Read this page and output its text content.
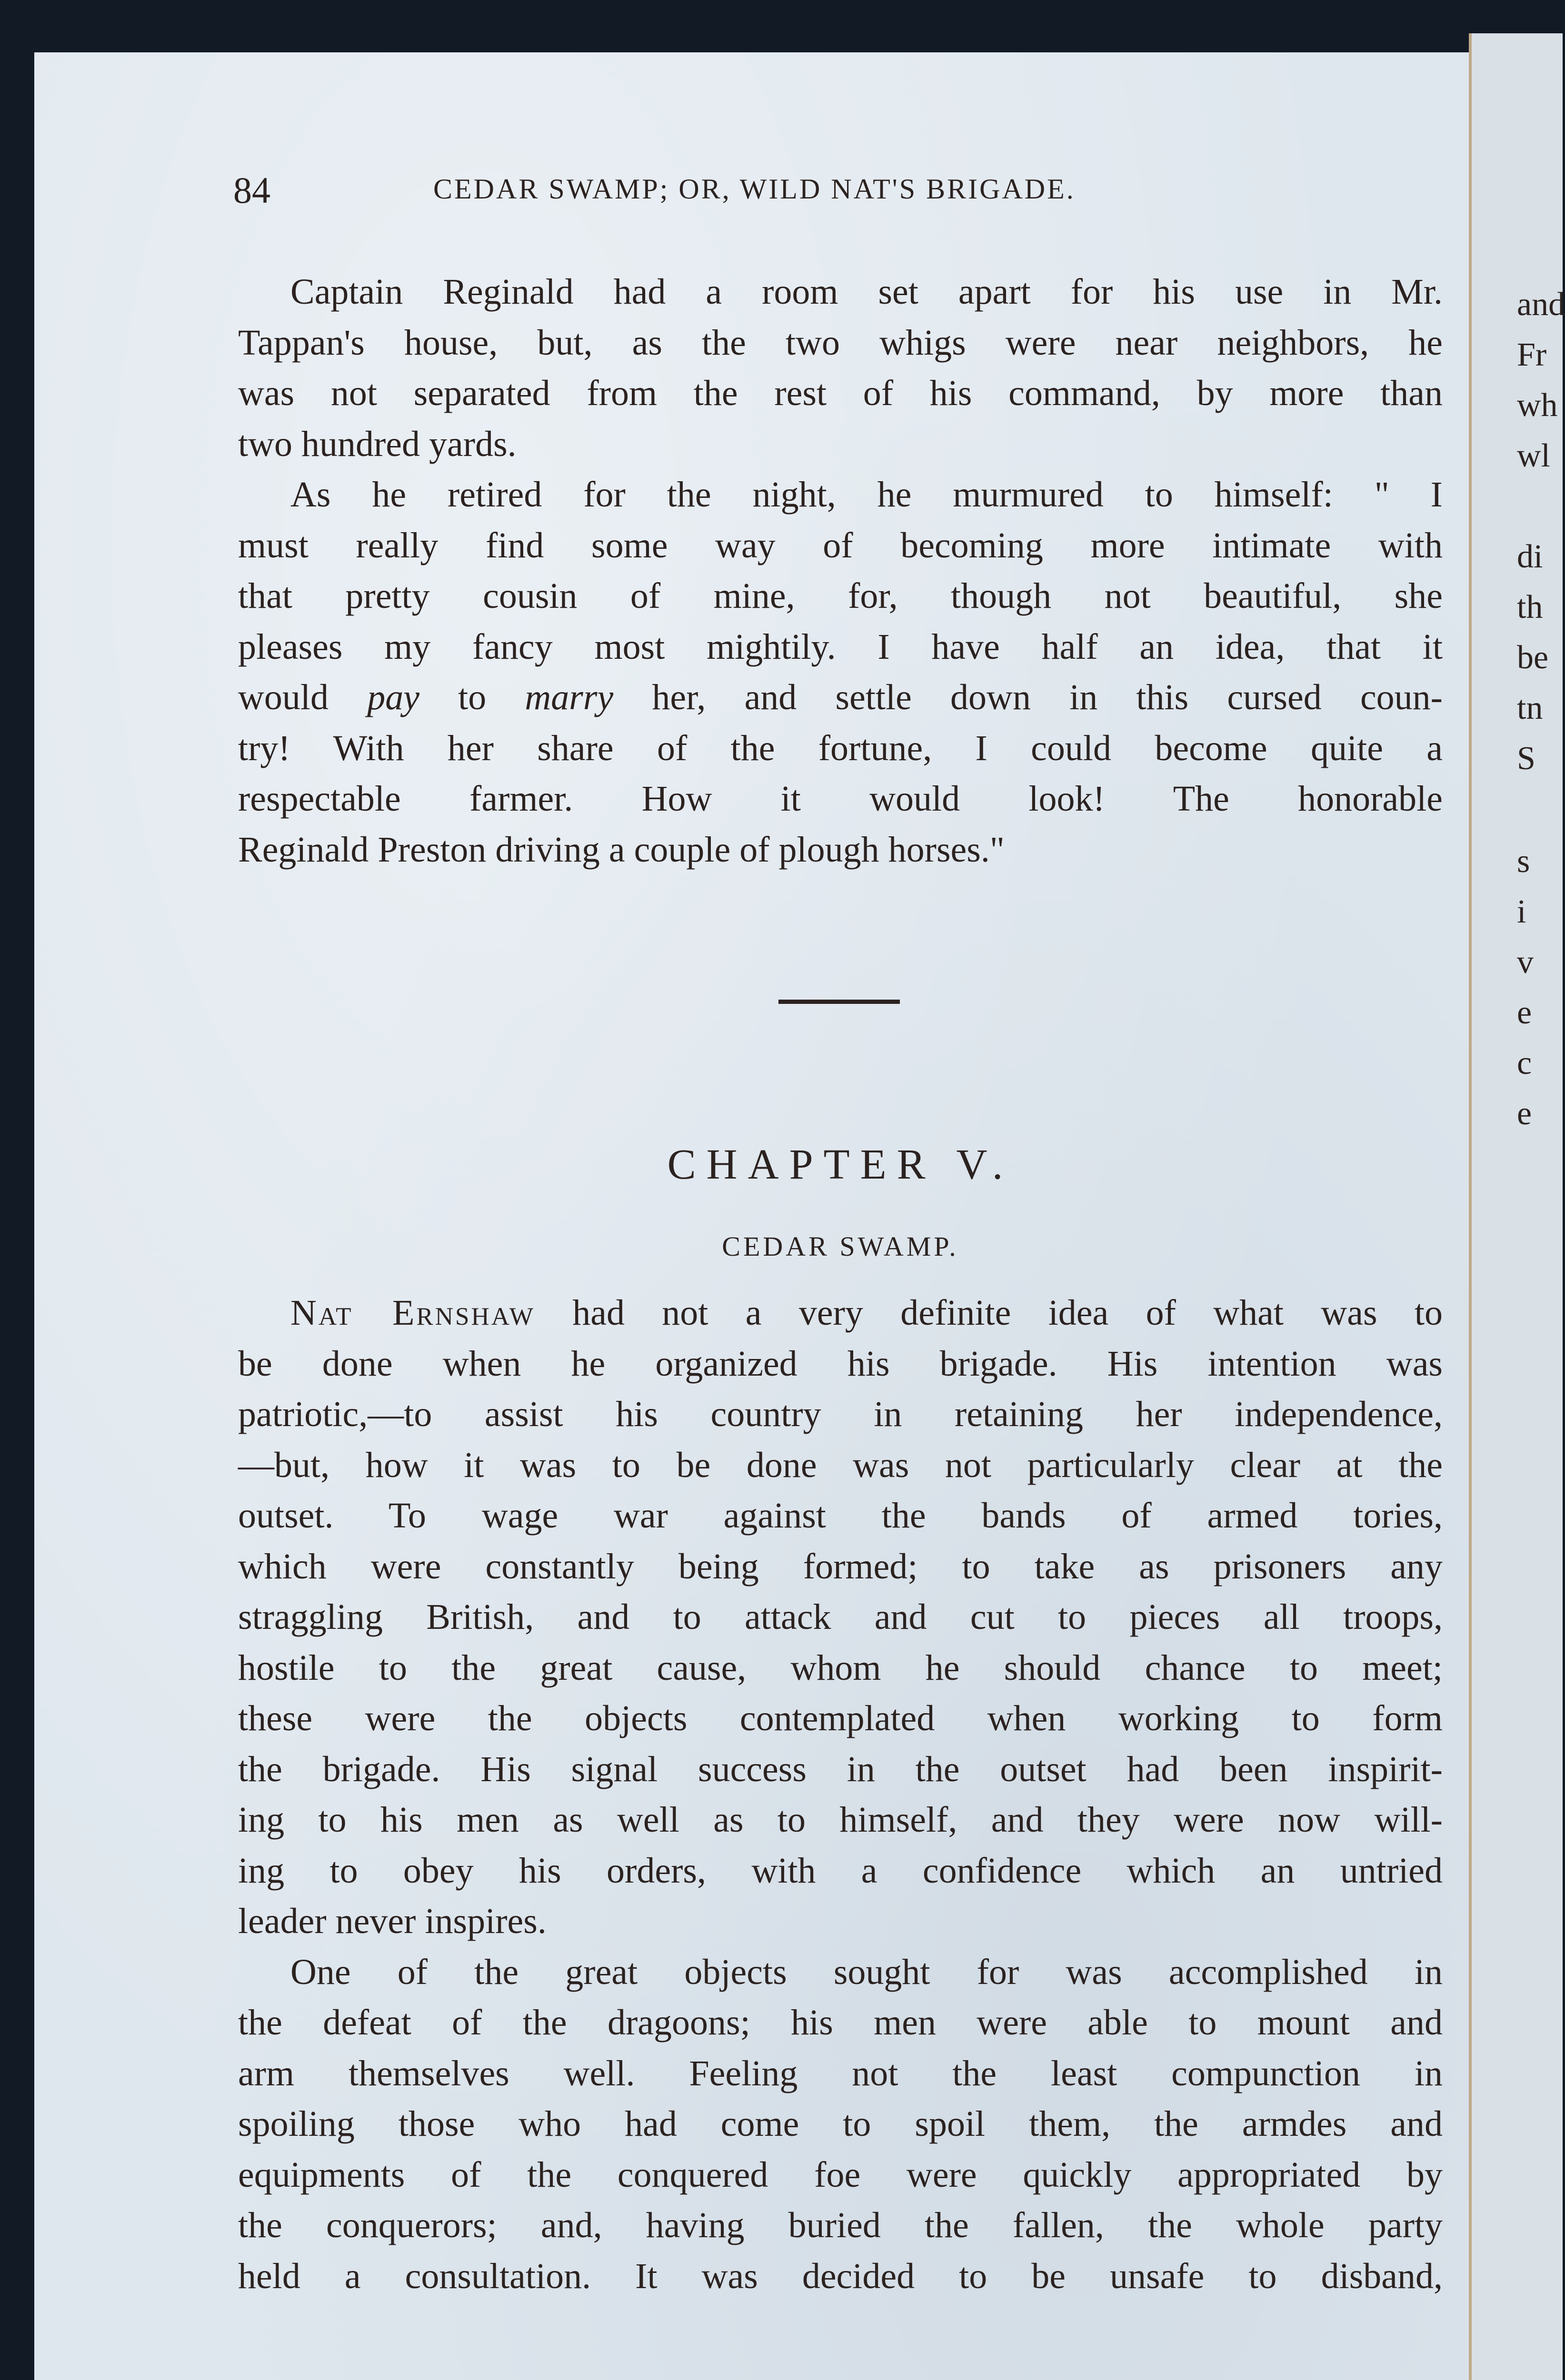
and
Fr
wh
wl
di
th
be
tn
S
s
i
v
e
c
e
84	CEDAR SWAMP; OR, WILD NAT'S BRIGADE.
Captain Reginald had a room set apart for his use in Mr.
Tappan's house, but, as the two whigs were near neighbors, he
was not separated from the rest of his command, by more than
two hundred yards.
As he retired for the night, he murmured to himself: " I
must really find some way of becoming more intimate with
that pretty cousin of mine, for, though not beautiful, she
pleases my fancy most mightily. I have half an idea, that it
would pay to marry her, and settle down in this cursed coun-
try! With her share of the fortune, I could become quite a
respectable farmer. How it would look! The honorable
Reginald Preston driving a couple of plough horses."
CHAPTER V.
CEDAR SWAMP.
Nat Ernshaw had not a very definite idea of what was to
be done when he organized his brigade. His intention was
patriotic,—to assist his country in retaining her independence,
—but, how it was to be done was not particularly clear at the
outset. To wage war against the bands of armed tories,
which were constantly being formed; to take as prisoners any
straggling British, and to attack and cut to pieces all troops,
hostile to the great cause, whom he should chance to meet;
these were the objects contemplated when working to form
the brigade. His signal success in the outset had been inspirit-
ing to his men as well as to himself, and they were now will-
ing to obey his orders, with a confidence which an untried
leader never inspires.
One of the great objects sought for was accomplished in
the defeat of the dragoons; his men were able to mount and
arm themselves well. Feeling not the least compunction in
spoiling those who had come to spoil them, the armdes and
equipments of the conquered foe were quickly appropriated by
the conquerors; and, having buried the fallen, the whole party
held a consultation. It was decided to be unsafe to disband,
